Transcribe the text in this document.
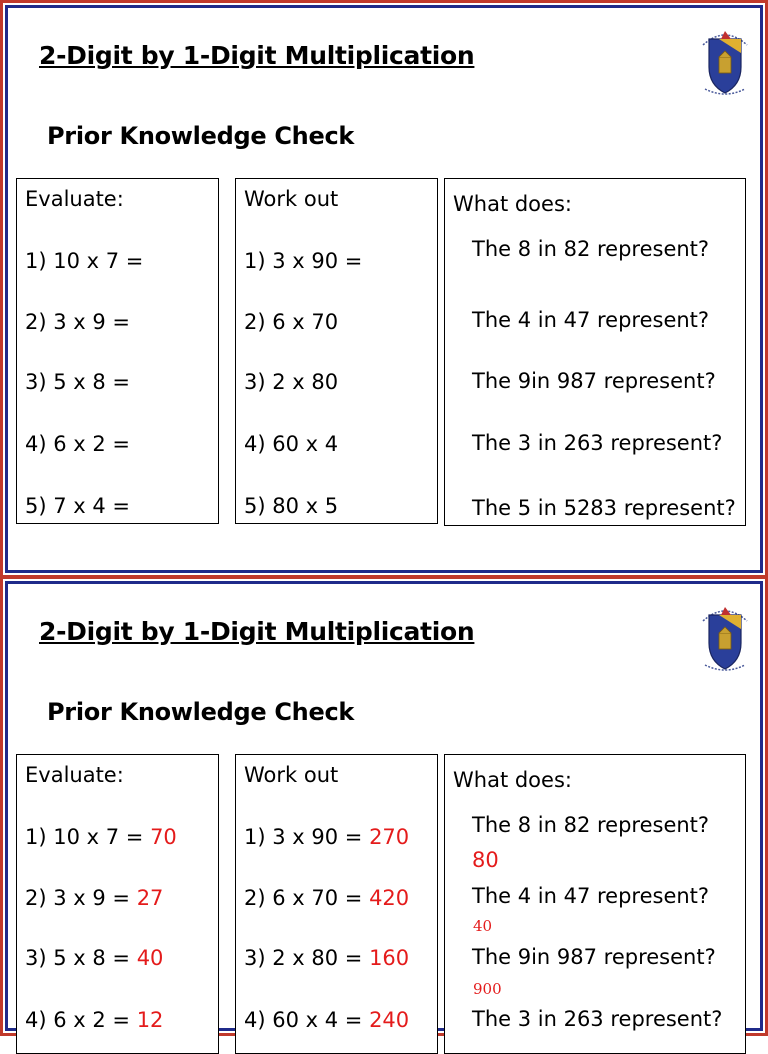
2-Digit by 1-Digit Multiplication
Prior Knowledge Check
Evaluate:
1) 10 x 7 =
2) 3 x 9 =
3) 5 x 8 =
4) 6 x 2 =
5) 7 x 4 =
Work out
1) 3 x 90 =
2) 6 x 70
3) 2 x 80
4) 60 x 4
5) 80 x 5
What does:
The 8 in 82 represent?
The 4 in 47 represent?
The 9in 987 represent?
The 3 in 263 represent?
The 5 in 5283 represent?
2-Digit by 1-Digit Multiplication
Prior Knowledge Check
Evaluate:
1) 10 x 7 = 70
2) 3 x 9 = 27
3) 5 x 8 = 40
4) 6 x 2 = 12
Work out
1) 3 x 90 = 270
2) 6 x 70 = 420
3) 2 x 80 = 160
4) 60 x 4 = 240
What does:
The 8 in 82 represent?
80
The 4 in 47 represent?
40
The 9in 987 represent?
900
The 3 in 263 represent?
